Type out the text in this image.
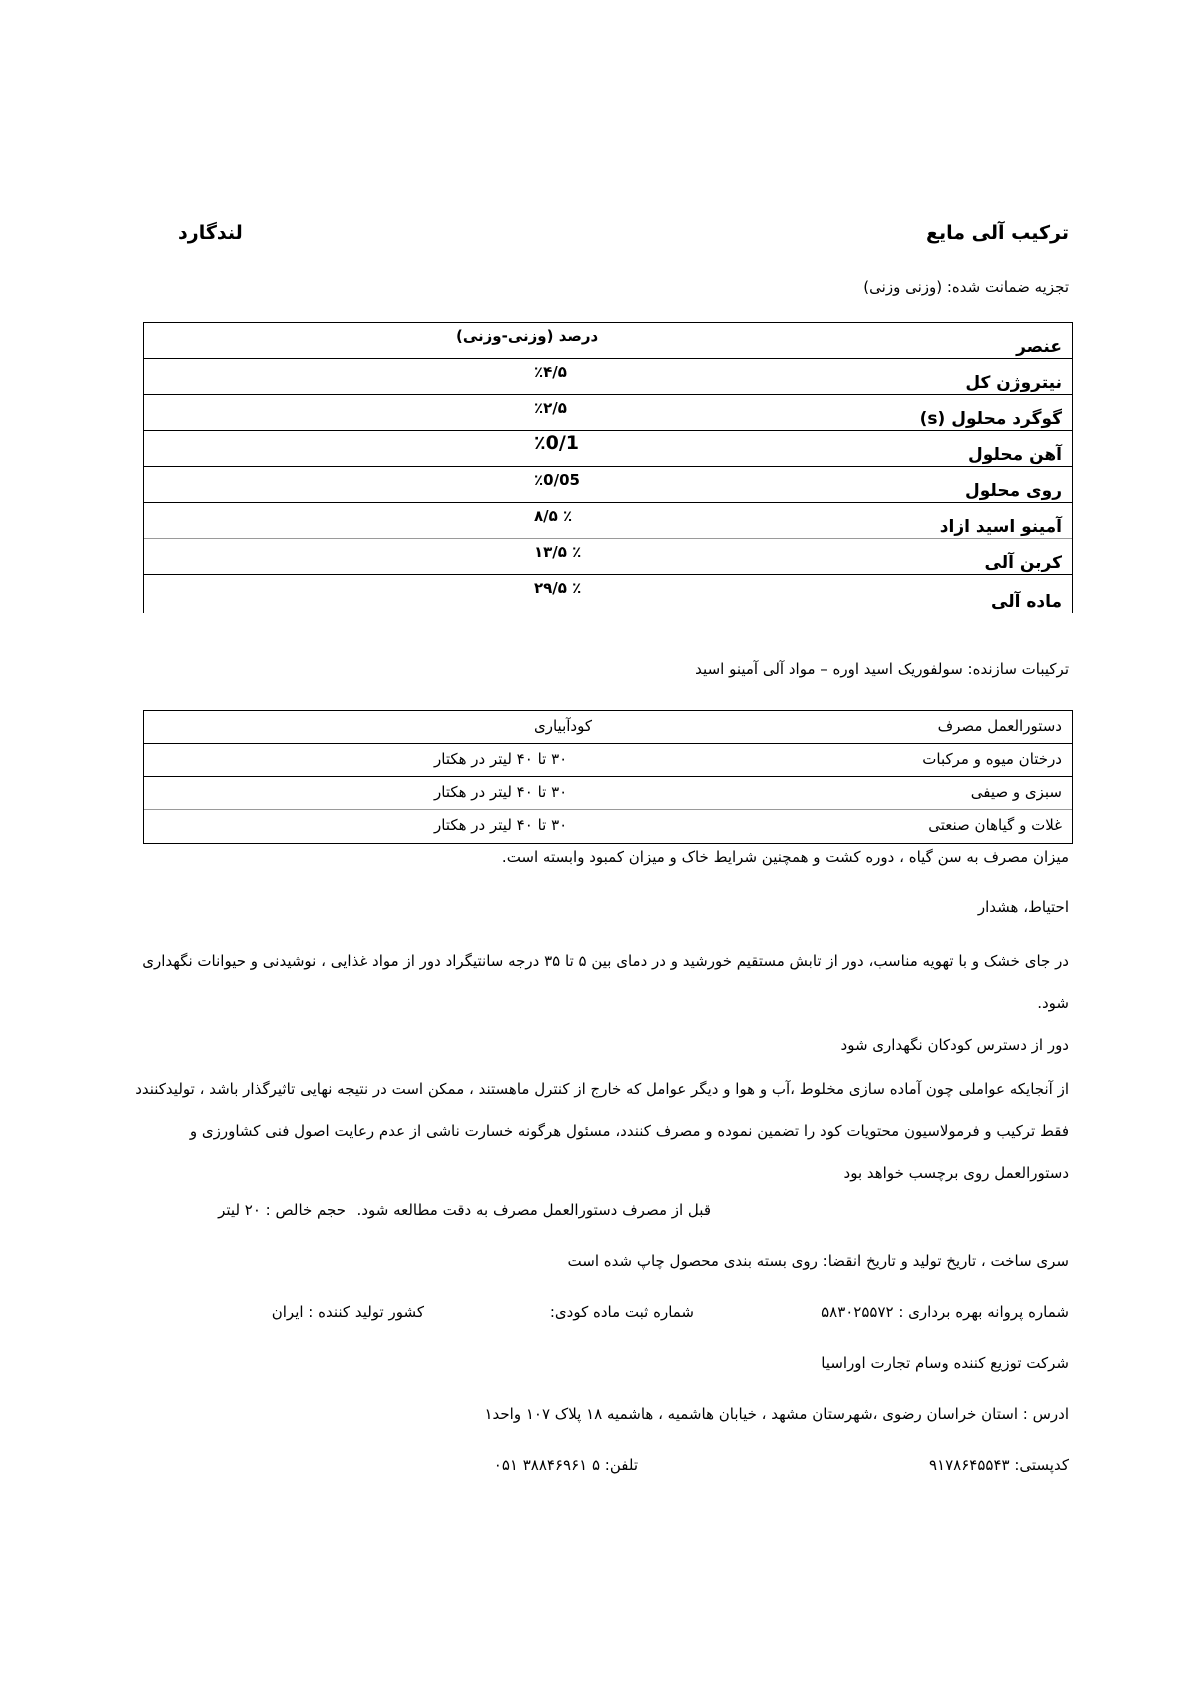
ترکیب آلی مایع
لندگارد
تجزیه ضمانت شده: (وزنی وزنی)
عنصر
درصد (وزنی-وزنی)
نیتروژن کل
٪۴/۵
گوگرد محلول (s)
٪۲/۵
آهن محلول
٪0/1
روی محلول
٪0/05
آمینو اسید ازاد
٪ ۸/۵
کربن آلی
٪ ۱۳/۵
ماده آلی
٪ ۲۹/۵
ترکیبات سازنده: سولفوریک اسید اوره – مواد آلی آمینو اسید
دستورالعمل مصرف
کودآبیاری
درختان میوه و مرکبات
۳۰ تا ۴۰ لیتر در هکتار
سبزی و صیفی
۳۰ تا ۴۰ لیتر در هکتار
غلات و گیاهان صنعتی
۳۰ تا ۴۰ لیتر در هکتار
میزان مصرف به سن گیاه ، دوره کشت و همچنین شرایط خاک و میزان کمبود وابسته است.
احتیاط، هشدار
در جای خشک و با تهویه مناسب، دور از تابش مستقیم خورشید و در دمای بین ۵ تا ۳۵ درجه سانتیگراد دور از مواد غذایی ، نوشیدنی و حیوانات نگهداری شود.
دور از دسترس کودکان نگهداری شود
از آنجایکه عواملی چون آماده سازی مخلوط ،آب و هوا و دیگر عوامل که خارج از کنترل ماهستند ، ممکن است در نتیجه نهایی تاثیرگذار باشد ، تولیدکنندد فقط ترکیب و فرمولاسیون محتویات کود را تضمین نموده و مصرف کنندد، مسئول هرگونه خسارت ناشی از عدم رعایت اصول فنی کشاورزی و دستورالعمل روی برچسب خواهد بود
قبل از مصرف دستورالعمل مصرف به دقت مطالعه شود.
حجم خالص : ۲۰ لیتر
سری ساخت ، تاریخ تولید و تاریخ انقضا: روی بسته بندی محصول چاپ شده است
شماره پروانه بهره برداری : ۵۸۳۰۲۵۵۷۲
شماره ثبت ماده کودی:
کشور تولید کننده : ایران
شرکت توزیع کننده وسام تجارت اوراسیا
ادرس : استان خراسان رضوی ،شهرستان مشهد ، خیابان هاشمیه ، هاشمیه ۱۸ پلاک ۱۰۷ واحد۱
کدپستی: ۹۱۷۸۶۴۵۵۴۳
تلفن: ۵ ۳۸۸۴۶۹۶۱ ۰۵۱
